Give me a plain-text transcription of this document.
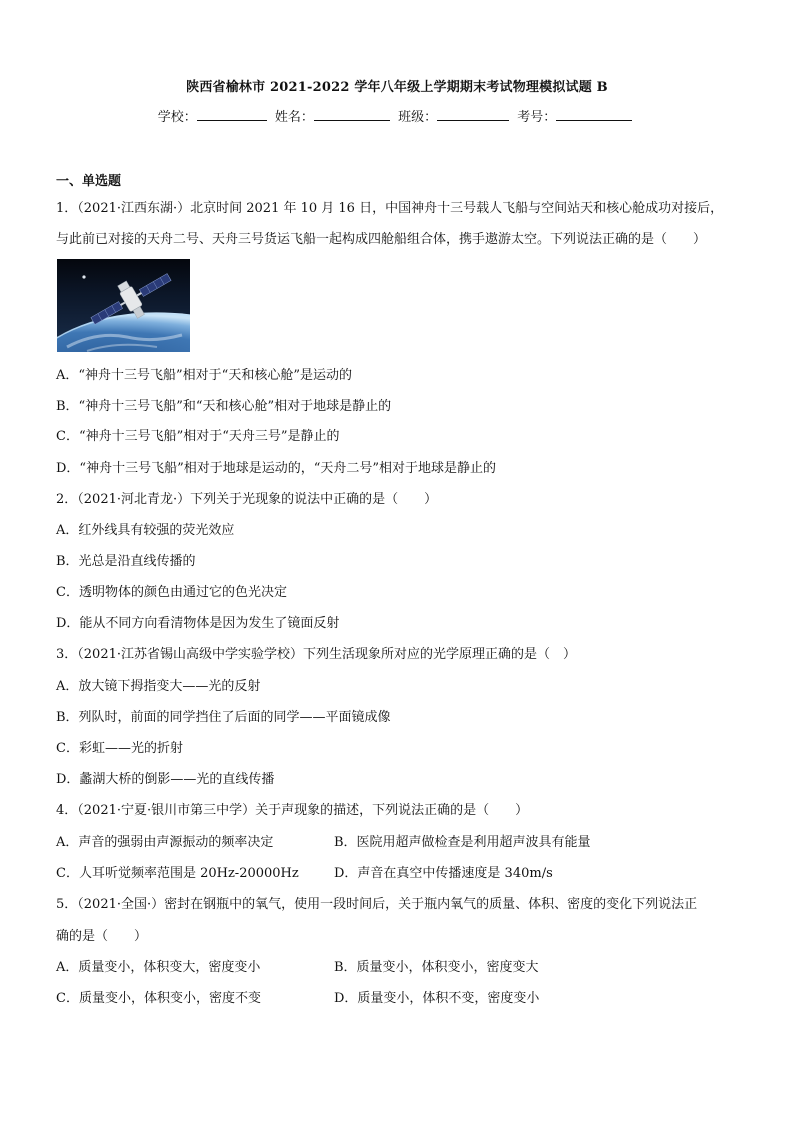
陕西省榆林市 2021-2022 学年八年级上学期期末考试物理模拟试题 B
学校：	姓名：	班级：	考号：
一、单选题
1．（2021·江西东湖·）北京时间 2021 年 10 月 16 日，中国神舟十三号载人飞船与空间站天和核心舱成功对接后，
与此前已对接的天舟二号、天舟三号货运飞船一起构成四舱船组合体，携手遨游太空。下列说法正确的是（　　）
A．“神舟十三号飞船”相对于“天和核心舱”是运动的
B．“神舟十三号飞船”和“天和核心舱”相对于地球是静止的
C．“神舟十三号飞船”相对于“天舟三号”是静止的
D．“神舟十三号飞船”相对于地球是运动的，“天舟二号”相对于地球是静止的
2．（2021·河北青龙·）下列关于光现象的说法中正确的是（　　）
A．红外线具有较强的荧光效应
B．光总是沿直线传播的
C．透明物体的颜色由通过它的色光决定
D．能从不同方向看清物体是因为发生了镜面反射
3．（2021·江苏省锡山高级中学实验学校）下列生活现象所对应的光学原理正确的是（　）
A．放大镜下拇指变大——光的反射
B．列队时，前面的同学挡住了后面的同学——平面镜成像
C．彩虹——光的折射
D．蠡湖大桥的倒影——光的直线传播
4．（2021·宁夏·银川市第三中学）关于声现象的描述，下列说法正确的是（　　）
A．声音的强弱由声源振动的频率决定	B．医院用超声做检查是利用超声波具有能量
C．人耳听觉频率范围是 20Hz-20000Hz	D．声音在真空中传播速度是 340m/s
5．（2021·全国·）密封在钢瓶中的氧气，使用一段时间后，关于瓶内氧气的质量、体积、密度的变化下列说法正
确的是（　　）
A．质量变小，体积变大，密度变小	B．质量变小，体积变小，密度变大
C．质量变小，体积变小，密度不变	D．质量变小，体积不变，密度变小
